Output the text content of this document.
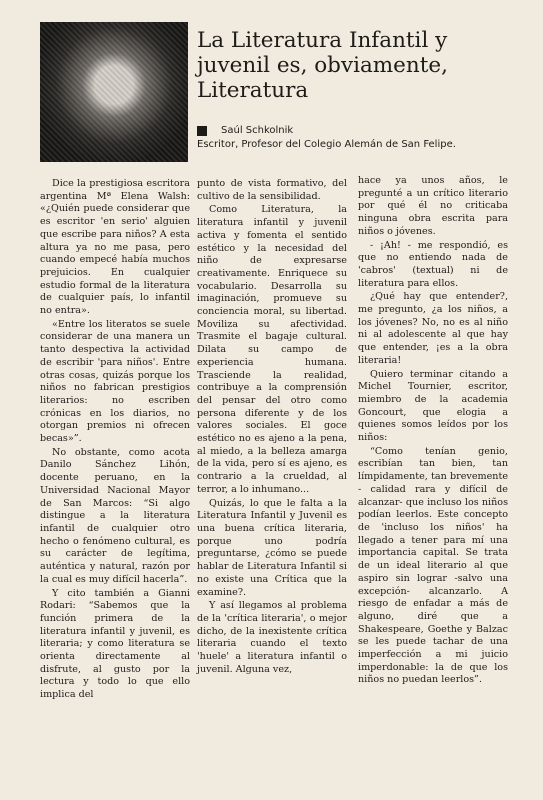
La Literatura Infantil y juvenil es, obviamente, Literatura
Saúl Schkolnik
Escritor, Profesor del Colegio Alemán de San Felipe.

Dice la prestigiosa escritora argentina Mª Elena Walsh: «¿Quién puede considerar que es escritor 'en serio' alguien que escribe para niños? A esta altura ya no me pasa, pero cuando empecé había muchos prejuicios. En cualquier estudio formal de la literatura de cualquier país, lo infantil no entra».

«Entre los literatos se suele considerar de una manera un tanto despectiva la actividad de escribir 'para niños'. Entre otras cosas, quizás porque los niños no fabrican prestigios literarios: no escriben crónicas en los diarios, no otorgan premios ni ofrecen becas»”.

No obstante, como acota Danilo Sánchez Lihón, docente peruano, en la Universidad Nacional Mayor de San Marcos: “Si algo distingue a la literatura infantil de cualquier otro hecho o fenómeno cultural, es su carácter de legítima, auténtica y natural, razón por la cual es muy difícil hacerla”.

Y cito también a Gianni Rodari: “Sabemos que la función primera de la literatura infantil y juvenil, es literaria; y como literatura se orienta directamente al disfrute, al gusto por la lectura y todo lo que ello implica del

punto de vista formativo, del cultivo de la sensibilidad.

Como Literatura, la literatura infantil y juvenil activa y fomenta el sentido estético y la necesidad del niño de expresarse creativamente. Enriquece su vocabulario. Desarrolla su imaginación, promueve su conciencia moral, su libertad. Moviliza su afectividad. Trasmite el bagaje cultural. Dilata su campo de experiencia humana. Trasciende la realidad, contribuye a la comprensión del pensar del otro como persona diferente y de los valores sociales. El goce estético no es ajeno a la pena, al miedo, a la belleza amarga de la vida, pero sí es ajeno, es contrario a la crueldad, al terror, a lo inhumano...

Quizás, lo que le falta a la Literatura Infantil y Juvenil es una buena crítica literaria, porque uno podría preguntarse, ¿cómo se puede hablar de Literatura Infantil si no existe una Crítica que la examine?.

Y así llegamos al problema de la 'crítica literaria', o mejor dicho, de la inexistente crítica literaria cuando el texto 'huele' a literatura infantil o juvenil. Alguna vez,

hace ya unos años, le pregunté a un crítico literario por qué él no criticaba ninguna obra escrita para niños o jóvenes.

- ¡Ah! - me respondió, es que no entiendo nada de 'cabros' (textual) ni de literatura para ellos.

¿Qué hay que entender?, me pregunto, ¿a los niños, a los jóvenes? No, no es al niño ni al adolescente al que hay que entender, ¡es a la obra literaria!

Quiero terminar citando a Michel Tournier, escritor, miembro de la academia Goncourt, que elogia a quienes somos leídos por los niños:

“Como tenían genio, escribían tan bien, tan límpidamente, tan brevemente - calidad rara y difícil de alcanzar- que incluso los niños podían leerlos. Este concepto de 'incluso los niños' ha llegado a tener para mí una importancia capital. Se trata de un ideal literario al que aspiro sin lograr -salvo una excepción- alcanzarlo. A riesgo de enfadar a más de alguno, diré que a Shakespeare, Goethe y Balzac se les puede tachar de una imperfección a mi juicio imperdonable: la de que los niños no puedan leerlos”.
